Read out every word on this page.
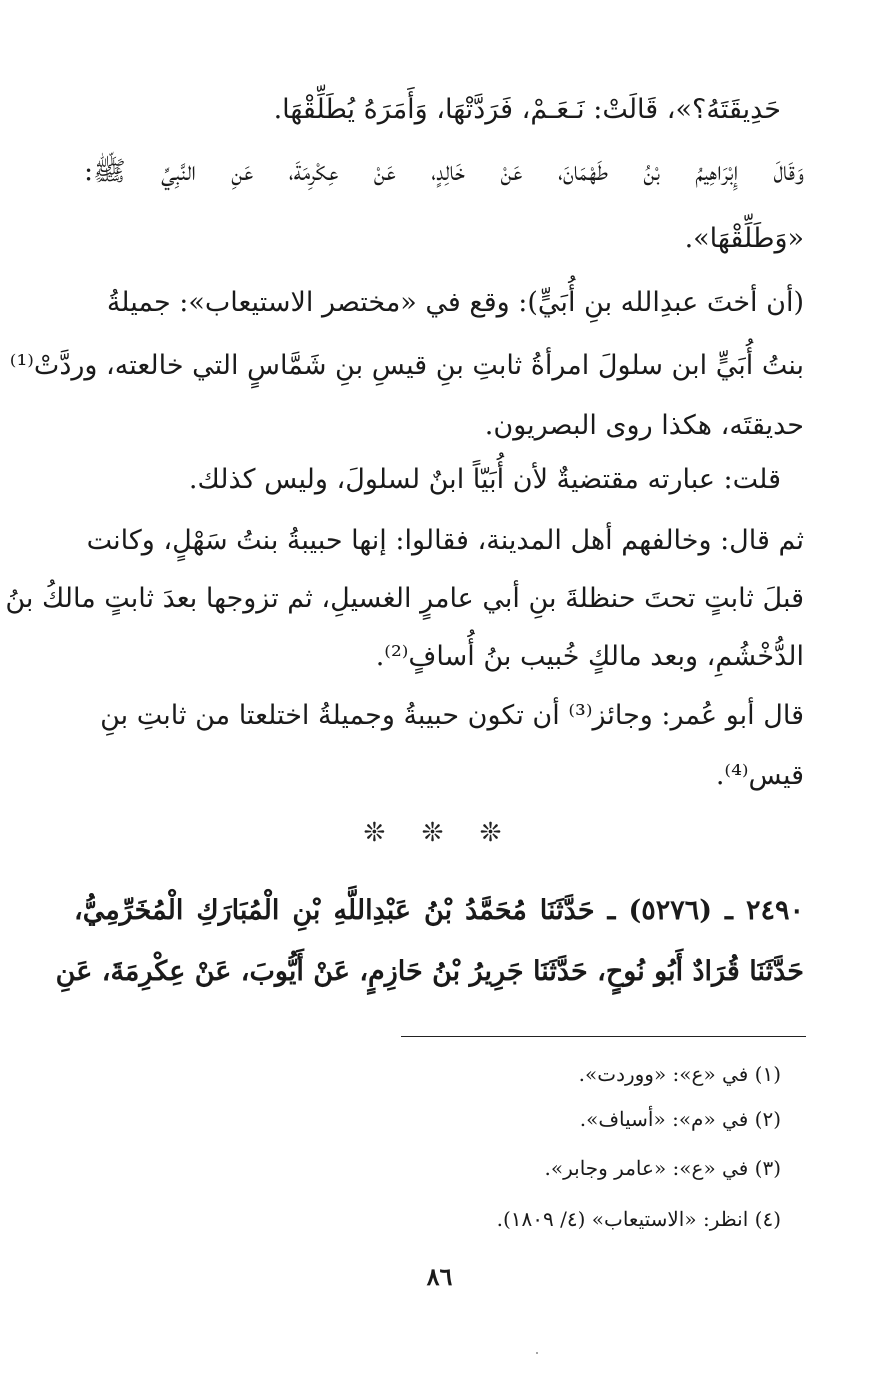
حَدِيقَتَهُ؟»، قَالَتْ: نَـعَـمْ، فَرَدَّتْهَا، وَأَمَرَهُ يُطَلِّقْهَا.
وَقَالَ إِبْرَاهِيمُ بْنُ طَهْمَانَ، عَنْ خَالِدٍ، عَنْ عِكْرِمَةَ، عَنِ النَّبِيِّ ﷺ:
«وَطَلِّقْهَا».
(أن أختَ عبدِالله بنِ أُبَيٍّ): وقع في «مختصر الاستيعاب»: جميلةُ
بنتُ أُبَيٍّ ابن سلولَ امرأةُ ثابتِ بنِ قيسِ بنِ شَمَّاسٍ التي خالعته، وردَّتْ⁽¹⁾
حديقتَه، هكذا روى البصريون.
قلت: عبارته مقتضيةٌ لأن أُبَيّاً ابنٌ لسلولَ، وليس كذلك.
ثم قال: وخالفهم أهل المدينة، فقالوا: إنها حبيبةُ بنتُ سَهْلٍ، وكانت
قبلَ ثابتٍ تحتَ حنظلةَ بنِ أبي عامرٍ الغسيلِ، ثم تزوجها بعدَ ثابتٍ مالكُ بنُ
الدُّخْشُمِ، وبعد مالكٍ خُبيب بنُ أُسافٍ⁽²⁾.
قال أبو عُمر: وجائز⁽³⁾ أن تكون حبيبةُ وجميلةُ اختلعتا من ثابتِ بنِ
قيس⁽⁴⁾.
❊ ❊ ❊
٢٤٩٠ ـ (٥٢٧٦) ـ حَدَّثَنَا مُحَمَّدُ بْنُ عَبْدِاللَّهِ بْنِ الْمُبَارَكِ الْمُخَرِّمِيُّ،
حَدَّثَنَا قُرَادٌ أَبُو نُوحٍ، حَدَّثَنَا جَرِيرُ بْنُ حَازِمٍ، عَنْ أَيُّوبَ، عَنْ عِكْرِمَةَ، عَنِ
(١) في «ع»: «ووردت».
(٢) في «م»: «أسياف».
(٣) في «ع»: «عامر وجابر».
(٤) انظر: «الاستيعاب» (٤/ ١٨٠٩).
٨٦
